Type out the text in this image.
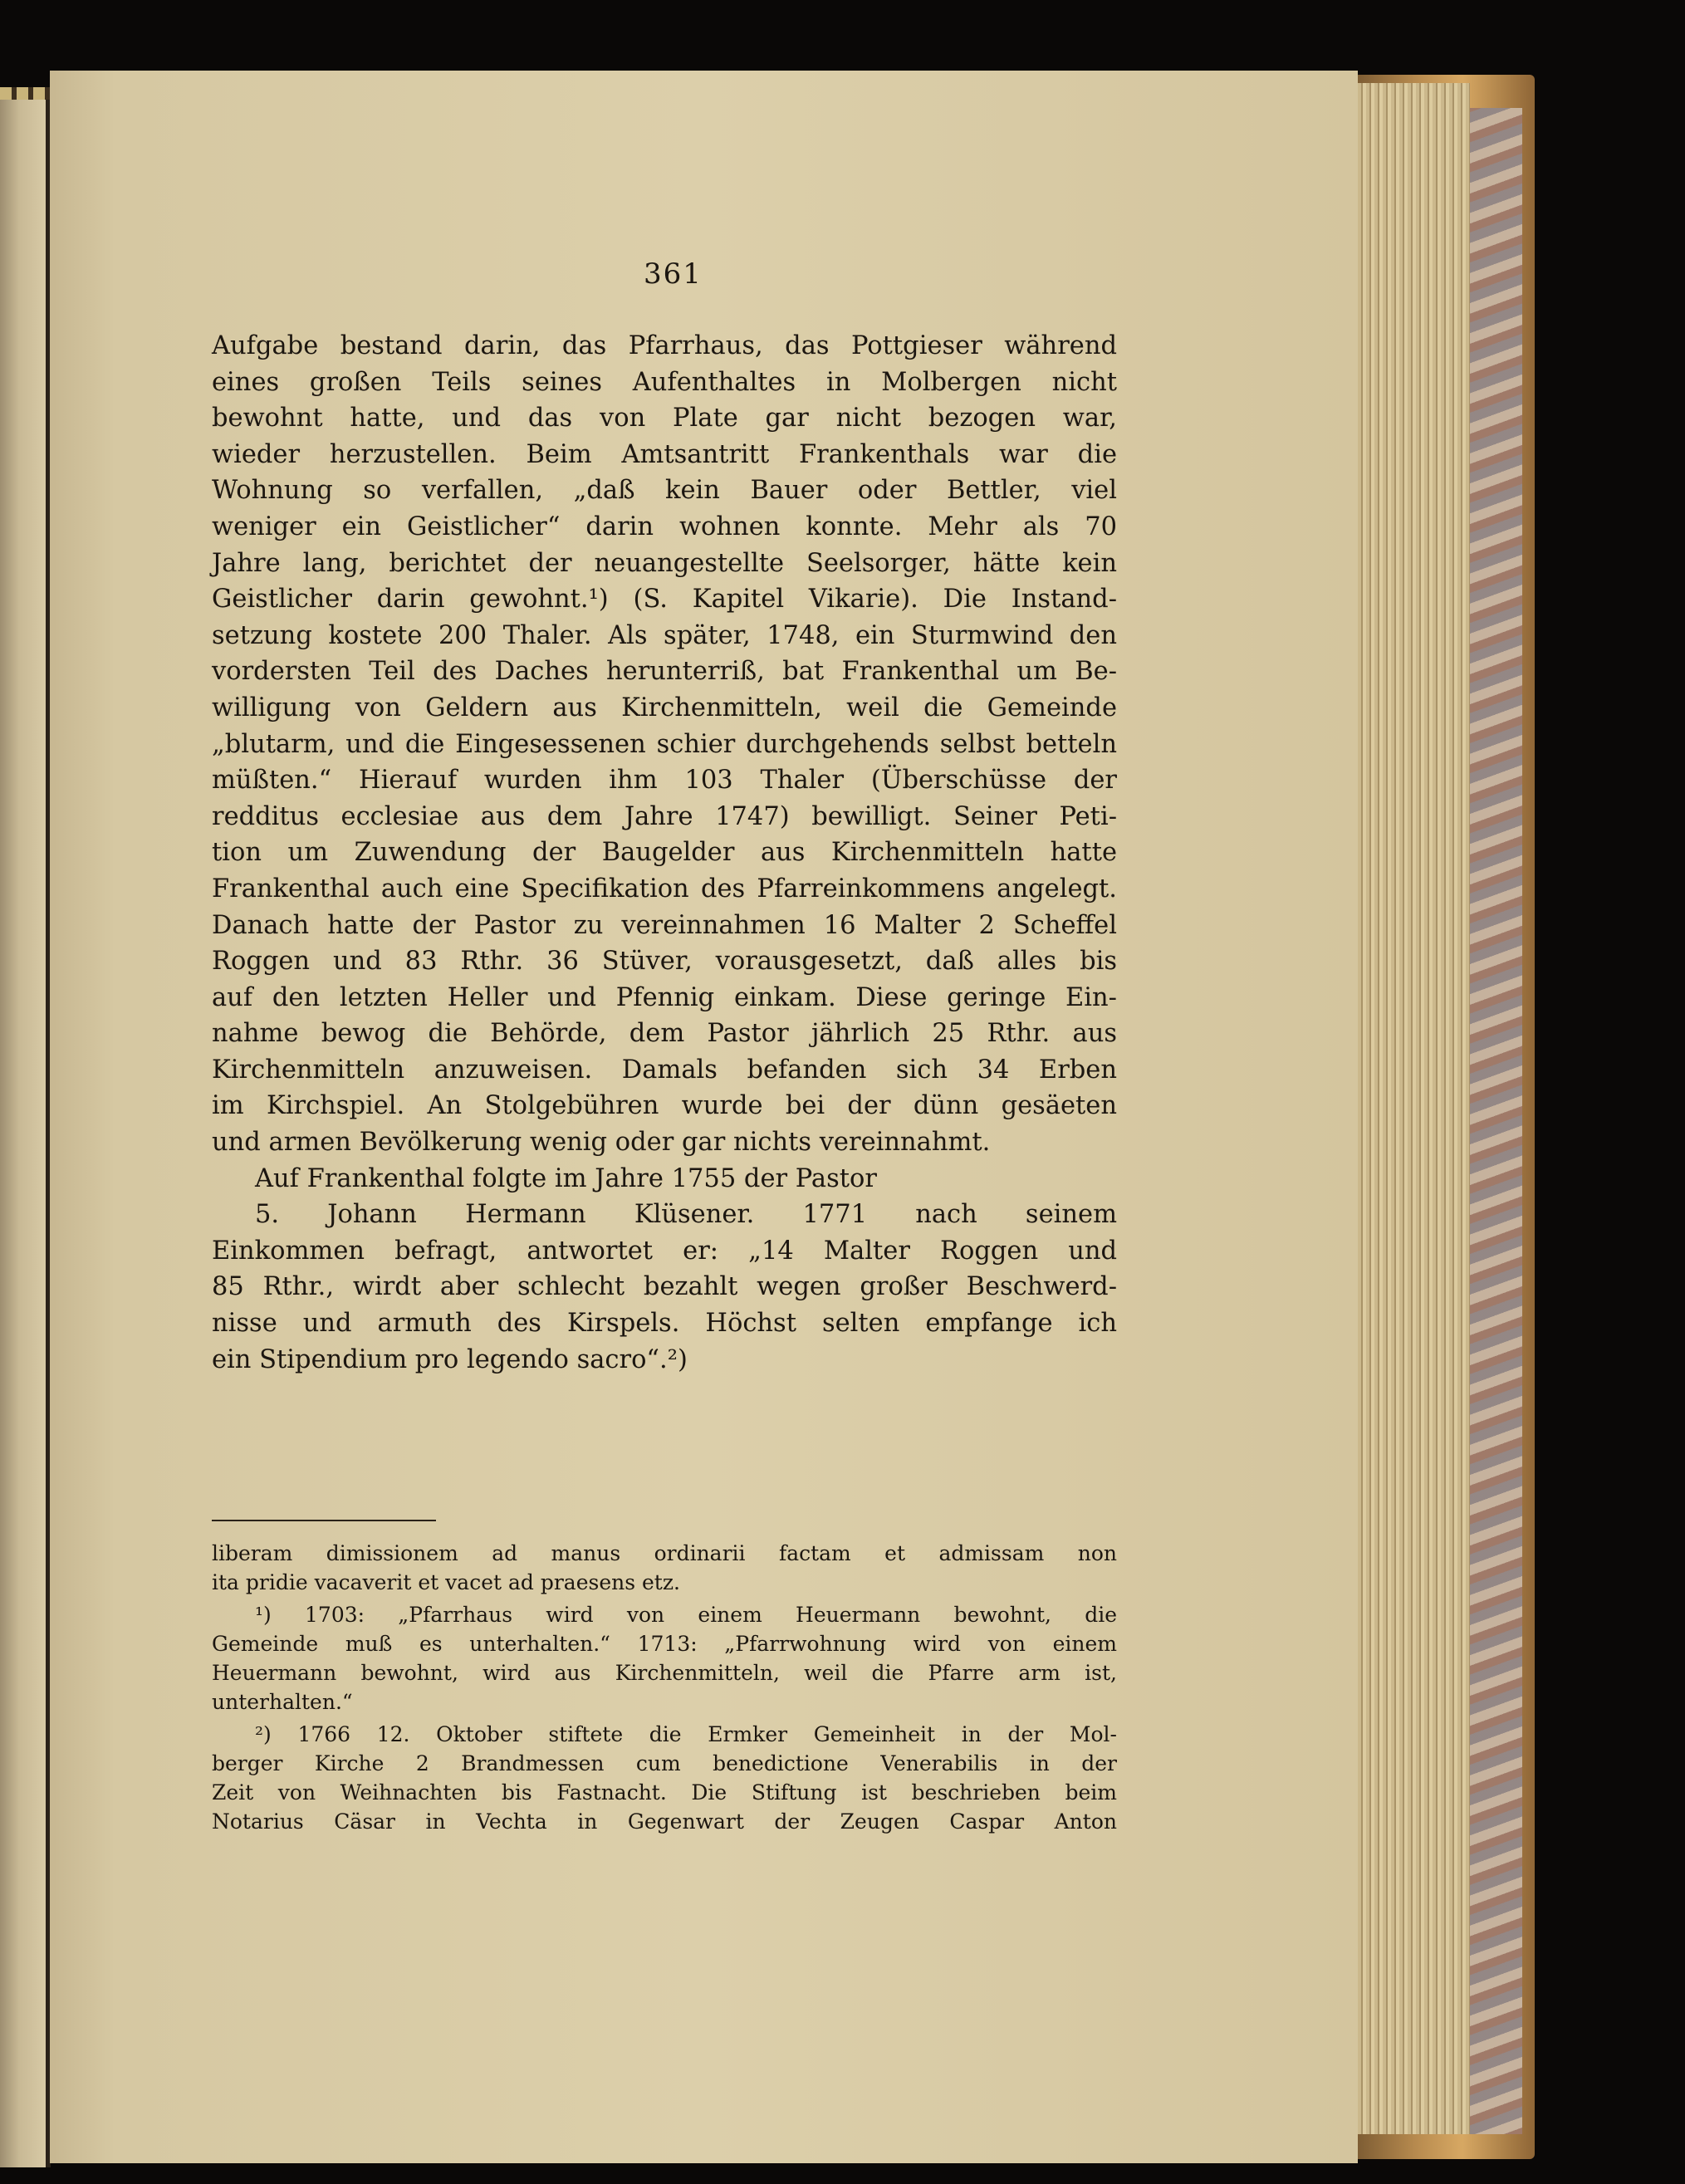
361

Aufgabe bestand darin, das Pfarrhaus, das Pottgieser während

eines großen Teils seines Aufenthaltes in Molbergen nicht

bewohnt hatte, und das von Plate gar nicht bezogen war,

wieder herzustellen. Beim Amtsantritt Frankenthals war die

Wohnung so verfallen, „daß kein Bauer oder Bettler, viel

weniger ein Geistlicher“ darin wohnen konnte. Mehr als 70

Jahre lang, berichtet der neuangestellte Seelsorger, hätte kein

Geistlicher darin gewohnt.¹) (S. Kapitel Vikarie). Die Instand-

setzung kostete 200 Thaler. Als später, 1748, ein Sturmwind den

vordersten Teil des Daches herunterriß, bat Frankenthal um Be-

willigung von Geldern aus Kirchenmitteln, weil die Gemeinde

„blutarm, und die Eingesessenen schier durchgehends selbst betteln

müßten.“ Hierauf wurden ihm 103 Thaler (Überschüsse der

redditus ecclesiae aus dem Jahre 1747) bewilligt. Seiner Peti-

tion um Zuwendung der Baugelder aus Kirchenmitteln hatte

Frankenthal auch eine Specifikation des Pfarreinkommens angelegt.

Danach hatte der Pastor zu vereinnahmen 16 Malter 2 Scheffel

Roggen und 83 Rthr. 36 Stüver, vorausgesetzt, daß alles bis

auf den letzten Heller und Pfennig einkam. Diese geringe Ein-

nahme bewog die Behörde, dem Pastor jährlich 25 Rthr. aus

Kirchenmitteln anzuweisen. Damals befanden sich 34 Erben

im Kirchspiel. An Stolgebühren wurde bei der dünn gesäeten

und armen Bevölkerung wenig oder gar nichts vereinnahmt.

Auf Frankenthal folgte im Jahre 1755 der Pastor

5. Johann Hermann Klüsener. 1771 nach seinem

Einkommen befragt, antwortet er: „14 Malter Roggen und

85 Rthr., wirdt aber schlecht bezahlt wegen großer Beschwerd-

nisse und armuth des Kirspels. Höchst selten empfange ich

ein Stipendium pro legendo sacro“.²)

liberam dimissionem ad manus ordinarii factam et admissam non

ita pridie vacaverit et vacet ad praesens etz.

¹) 1703: „Pfarrhaus wird von einem Heuermann bewohnt, die

Gemeinde muß es unterhalten.“ 1713: „Pfarrwohnung wird von einem

Heuermann bewohnt, wird aus Kirchenmitteln, weil die Pfarre arm ist,

unterhalten.“

²) 1766 12. Oktober stiftete die Ermker Gemeinheit in der Mol-

berger Kirche 2 Brandmessen cum benedictione Venerabilis in der

Zeit von Weihnachten bis Fastnacht. Die Stiftung ist beschrieben beim

Notarius Cäsar in Vechta in Gegenwart der Zeugen Caspar Anton
